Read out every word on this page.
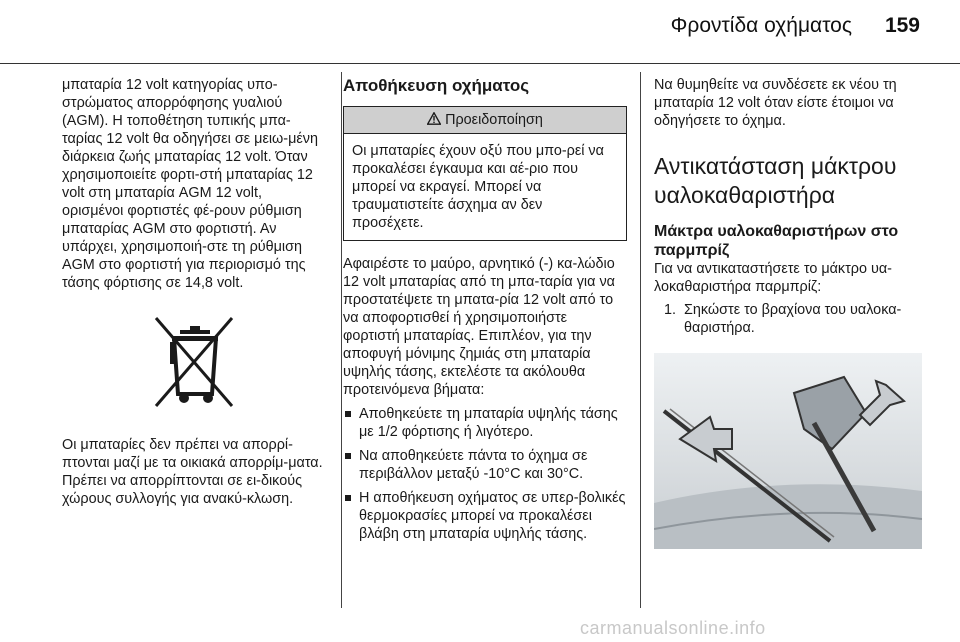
Φροντίδα οχήματος 159

μπαταρία 12 volt κατηγορίας υπο-στρώματος απορρόφησης γυαλιού (AGM). Η τοποθέτηση τυπικής μπα-ταρίας 12 volt θα οδηγήσει σε μειω-μένη διάρκεια ζωής μπαταρίας 12 volt. Όταν χρησιμοποιείτε φορτι-στή μπαταρίας 12 volt στη μπαταρία AGM 12 volt, ορισμένοι φορτιστές φέ-ρουν ρύθμιση μπαταρίας AGM στο φορτιστή. Αν υπάρχει, χρησιμοποιή-στε τη ρύθμιση AGM στο φορτιστή για περιορισμό της τάσης φόρτισης σε 14,8 volt.

Οι μπαταρίες δεν πρέπει να απορρί-πτονται μαζί με τα οικιακά απορρίμ-ματα. Πρέπει να απορρίπτονται σε ει-δικούς χώρους συλλογής για ανακύ-κλωση.

Αποθήκευση οχήματος
Προειδοποίηση
Οι μπαταρίες έχουν οξύ που μπο-ρεί να προκαλέσει έγκαυμα και αέ-ριο που μπορεί να εκραγεί. Μπορεί να τραυματιστείτε άσχημα αν δεν προσέχετε.

Αφαιρέστε το μαύρο, αρνητικό (-) κα-λώδιο 12 volt μπαταρίας από τη μπα-ταρία για να προστατέψετε τη μπατα-ρία 12 volt από το να αποφορτισθεί ή χρησιμοποιήστε φορτιστή μπαταρίας. Επιπλέον, για την αποφυγή μόνιμης ζημιάς στη μπαταρία υψηλής τάσης, εκτελέστε τα ακόλουθα προτεινόμενα βήματα:

Αποθηκεύετε τη μπαταρία υψηλής τάσης με 1/2 φόρτισης ή λιγότερο.
Να αποθηκεύετε πάντα το όχημα σε περιβάλλον μεταξύ -10°C και 30°C.
Η αποθήκευση οχήματος σε υπερ-βολικές θερμοκρασίες μπορεί να προκαλέσει βλάβη στη μπαταρία υψηλής τάσης.

Να θυμηθείτε να συνδέσετε εκ νέου τη μπαταρία 12 volt όταν είστε έτοιμοι να οδηγήσετε το όχημα.

Αντικατάσταση μάκτρου υαλοκαθαριστήρα
Μάκτρα υαλοκαθαριστήρων στο παρμπρίζ

Για να αντικαταστήσετε το μάκτρο υα-λοκαθαριστήρα παρμπρίζ:

1. Σηκώστε το βραχίονα του υαλοκα-θαριστήρα.
carmanualsonline.info
